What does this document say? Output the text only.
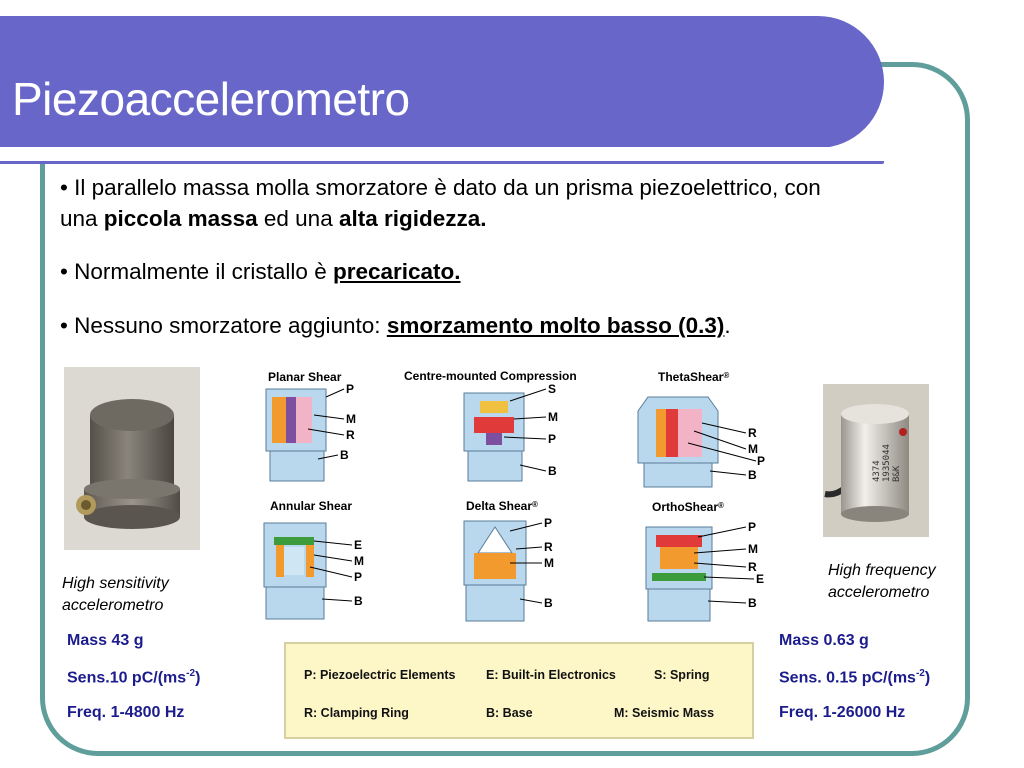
Piezoaccelerometro
• Il parallelo massa molla smorzatore è dato da un prisma piezoelettrico, con una piccola massa ed una alta rigidezza.
• Normalmente il cristallo è precaricato.
• Nessuno smorzatore aggiunto: smorzamento molto basso (0.3).
4374 1935044 B&K
High sensitivity
accelerometro
High frequency
accelerometro
Mass 43 g
Sens.10 $pC/(ms^{-2})$
Freq. 1-4800 Hz
Mass 0.63 g
Sens. 0.15 $pC/(ms^{-2})$
Freq. 1-26000 Hz
Planar Shear
P
M
R
B
Centre-mounted Compression
S
M
P
B
ThetaShear®
R
M
P
B
Annular Shear
E
M
P
B
Delta Shear®
P
R
M
B
OrthoShear®
P
M
R
E
B
P: Piezoelectric Elements E: Built-in Electronics	S: Spring
R: Clamping Ring	B: Base	M: Seismic Mass
